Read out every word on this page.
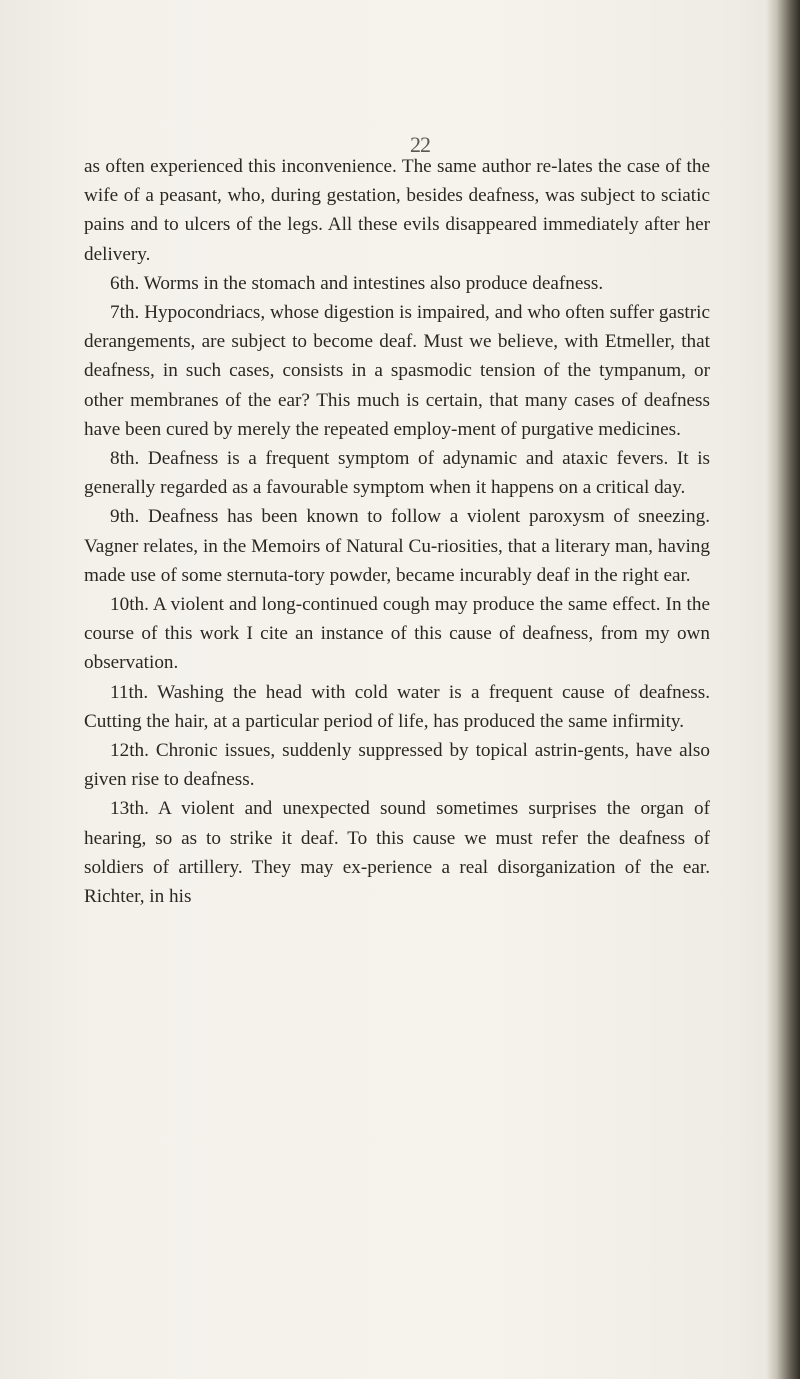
22

as often experienced this inconvenience. The same author re-lates the case of the wife of a peasant, who, during gestation, besides deafness, was subject to sciatic pains and to ulcers of the legs. All these evils disappeared immediately after her delivery.

6th. Worms in the stomach and intestines also produce deafness.

7th. Hypocondriacs, whose digestion is impaired, and who often suffer gastric derangements, are subject to become deaf. Must we believe, with Etmeller, that deafness, in such cases, consists in a spasmodic tension of the tympanum, or other membranes of the ear? This much is certain, that many cases of deafness have been cured by merely the repeated employ-ment of purgative medicines.

8th. Deafness is a frequent symptom of adynamic and ataxic fevers. It is generally regarded as a favourable symptom when it happens on a critical day.

9th. Deafness has been known to follow a violent paroxysm of sneezing. Vagner relates, in the Memoirs of Natural Cu-riosities, that a literary man, having made use of some sternuta-tory powder, became incurably deaf in the right ear.

10th. A violent and long-continued cough may produce the same effect. In the course of this work I cite an instance of this cause of deafness, from my own observation.

11th. Washing the head with cold water is a frequent cause of deafness. Cutting the hair, at a particular period of life, has produced the same infirmity.

12th. Chronic issues, suddenly suppressed by topical astrin-gents, have also given rise to deafness.

13th. A violent and unexpected sound sometimes surprises the organ of hearing, so as to strike it deaf. To this cause we must refer the deafness of soldiers of artillery. They may ex-perience a real disorganization of the ear. Richter, in his
